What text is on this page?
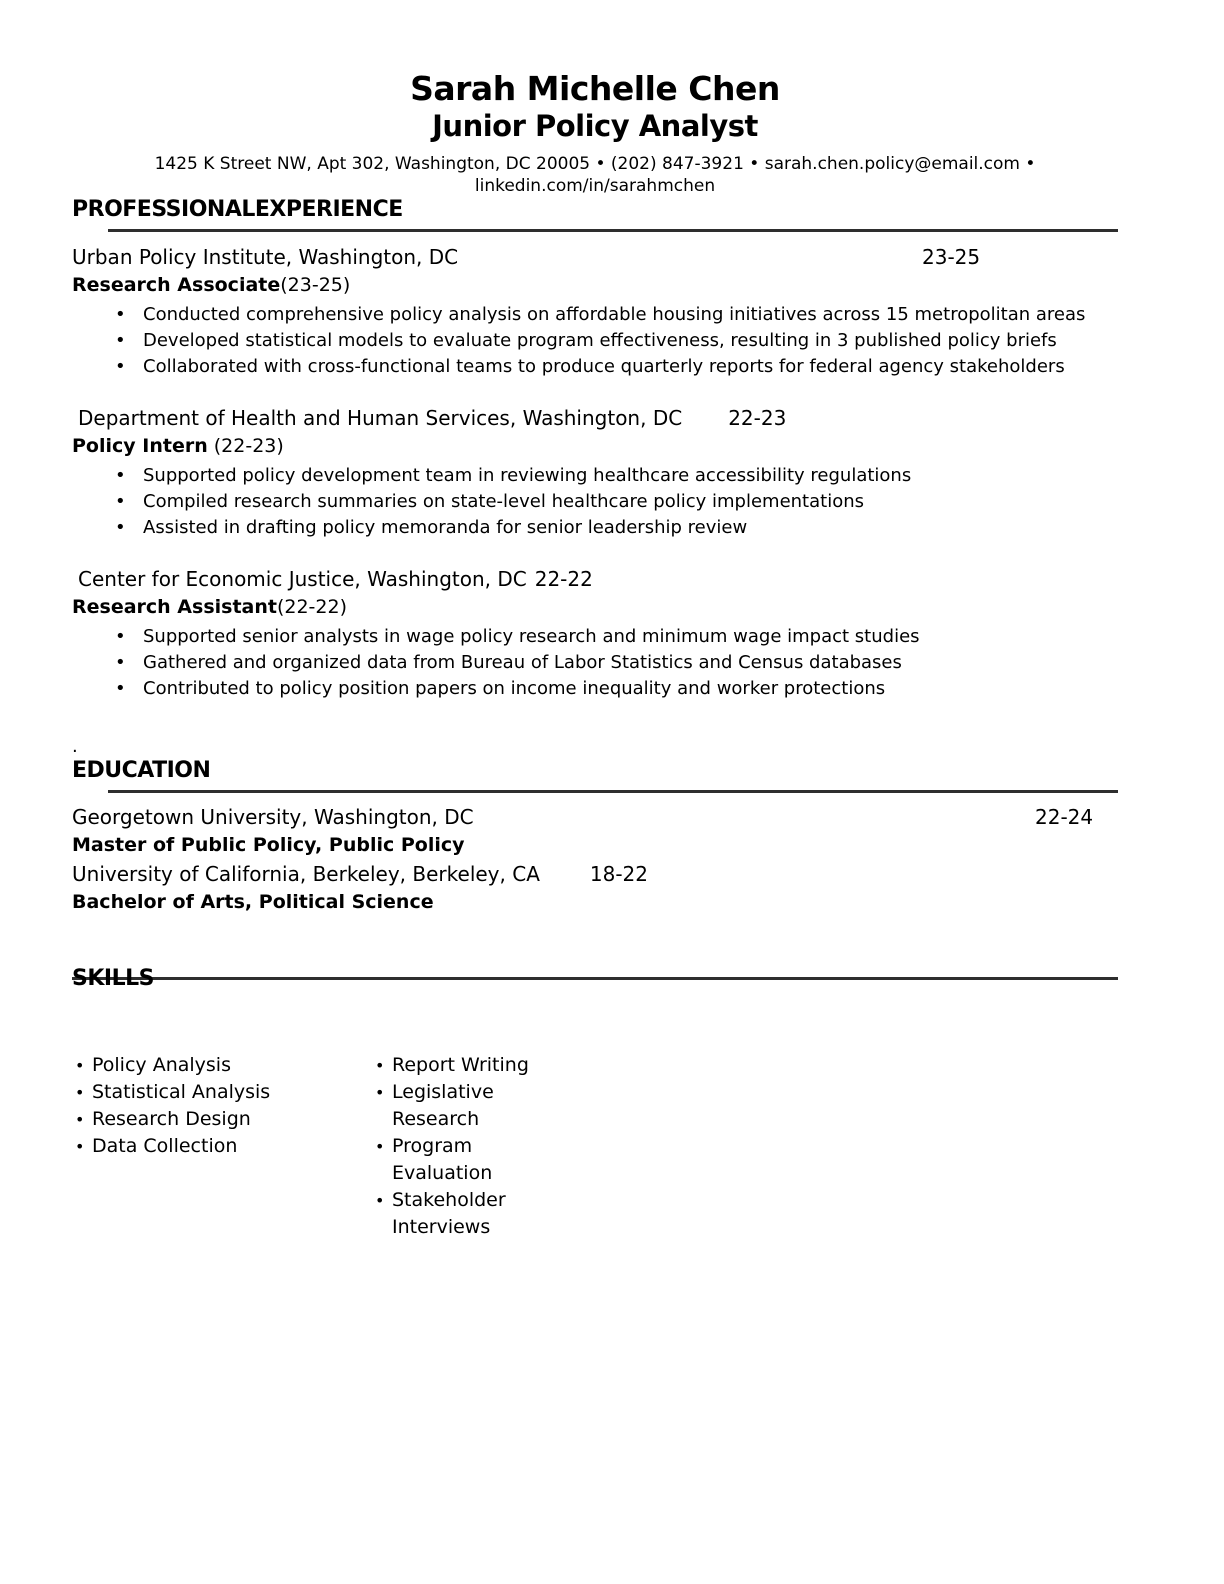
Sarah Michelle Chen
Junior Policy Analyst
1425 K Street NW, Apt 302, Washington, DC 20005 • (202) 847-3921 • sarah.chen.policy@email.com •
linkedin.com/in/sarahmchen
PROFESSIONALEXPERIENCE
Urban Policy Institute, Washington, DC	23-25
Research Associate(23-25)
• Conducted comprehensive policy analysis on affordable housing initiatives across 15 metropolitan areas
• Developed statistical models to evaluate program effectiveness, resulting in 3 published policy briefs
• Collaborated with cross-functional teams to produce quarterly reports for federal agency stakeholders
Department of Health and Human Services, Washington, DC 22-23
Policy Intern (22-23)
• Supported policy development team in reviewing healthcare accessibility regulations
• Compiled research summaries on state-level healthcare policy implementations
• Assisted in drafting policy memoranda for senior leadership review
Center for Economic Justice, Washington, DC 22-22
Research Assistant(22-22)
• Supported senior analysts in wage policy research and minimum wage impact studies
• Gathered and organized data from Bureau of Labor Statistics and Census databases
• Contributed to policy position papers on income inequality and worker protections
.
EDUCATION
Georgetown University, Washington, DC	22-24
Master of Public Policy, Public Policy
University of California, Berkeley, Berkeley, CA	18-22
Bachelor of Arts, Political Science
SKILLS
• Policy Analysis
• Statistical Analysis
• Research Design
• Data Collection
• Report Writing
• Legislative Research
• Program Evaluation
• Stakeholder Interviews
